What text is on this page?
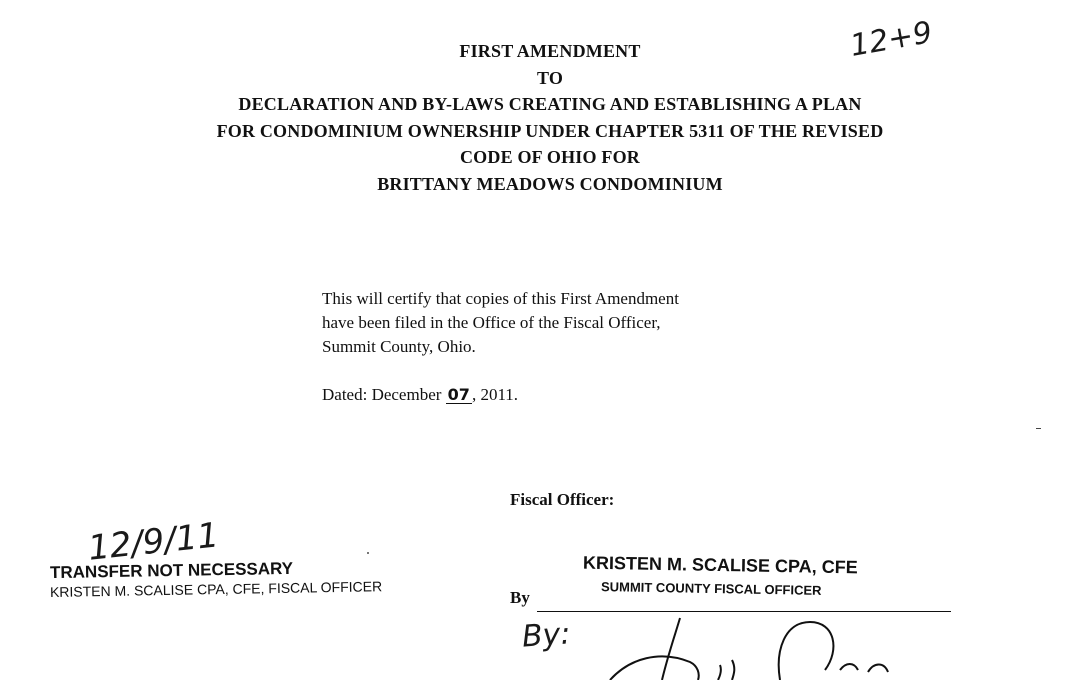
FIRST AMENDMENT
TO
DECLARATION AND BY-LAWS CREATING AND ESTABLISHING A PLAN
FOR CONDOMINIUM OWNERSHIP UNDER CHAPTER 5311 OF THE REVISED
CODE OF OHIO FOR
BRITTANY MEADOWS CONDOMINIUM
12+9
This will certify that copies of this First Amendment
have been filed in the Office of the Fiscal Officer,
Summit County, Ohio.
Dated: December 07 , 2011.
Fiscal Officer:
12/9/11
TRANSFER NOT NECESSARY
KRISTEN M. SCALISE CPA, CFE, FISCAL OFFICER
KRISTEN M. SCALISE CPA, CFE
SUMMIT COUNTY FISCAL OFFICER
By
By:
